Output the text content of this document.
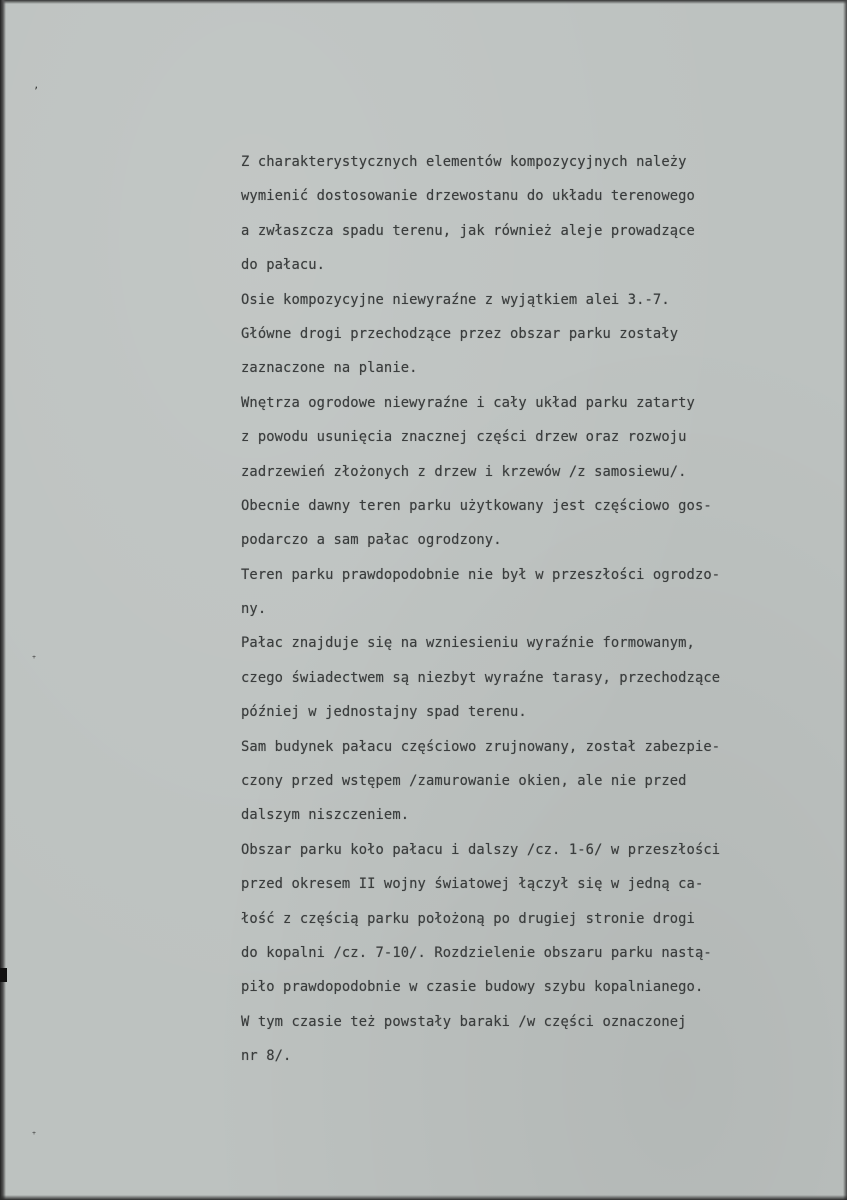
ʼ
⁺
⁺
Z charakterystycznych elementów kompozycyjnych należy
wymienić dostosowanie drzewostanu do układu terenowego
a zwłaszcza spadu terenu, jak również aleje prowadzące
do pałacu.
Osie kompozycyjne niewyraźne z wyjątkiem alei 3.-7.
Główne drogi przechodzące przez obszar parku zostały
zaznaczone na planie.
Wnętrza ogrodowe niewyraźne i cały układ parku zatarty
z powodu usunięcia znacznej części drzew oraz rozwoju
zadrzewień złożonych z drzew i krzewów /z samosiewu/.
Obecnie dawny teren parku użytkowany jest częściowo gos-
podarczo a sam pałac ogrodzony.
Teren parku prawdopodobnie nie był w przeszłości ogrodzo-
ny.
Pałac znajduje się na wzniesieniu wyraźnie formowanym,
czego świadectwem są niezbyt wyraźne tarasy, przechodzące
później w jednostajny spad terenu.
Sam budynek pałacu częściowo zrujnowany, został zabezpie-
czony przed wstępem /zamurowanie okien, ale nie przed
dalszym niszczeniem.
Obszar parku koło pałacu i dalszy /cz. 1-6/ w przeszłości
przed okresem II wojny światowej łączył się w jedną ca-
łość z częścią parku położoną po drugiej stronie drogi
do kopalni /cz. 7-10/. Rozdzielenie obszaru parku nastą-
piło prawdopodobnie w czasie budowy szybu kopalnianego.
W tym czasie też powstały baraki /w części oznaczonej
nr 8/.
